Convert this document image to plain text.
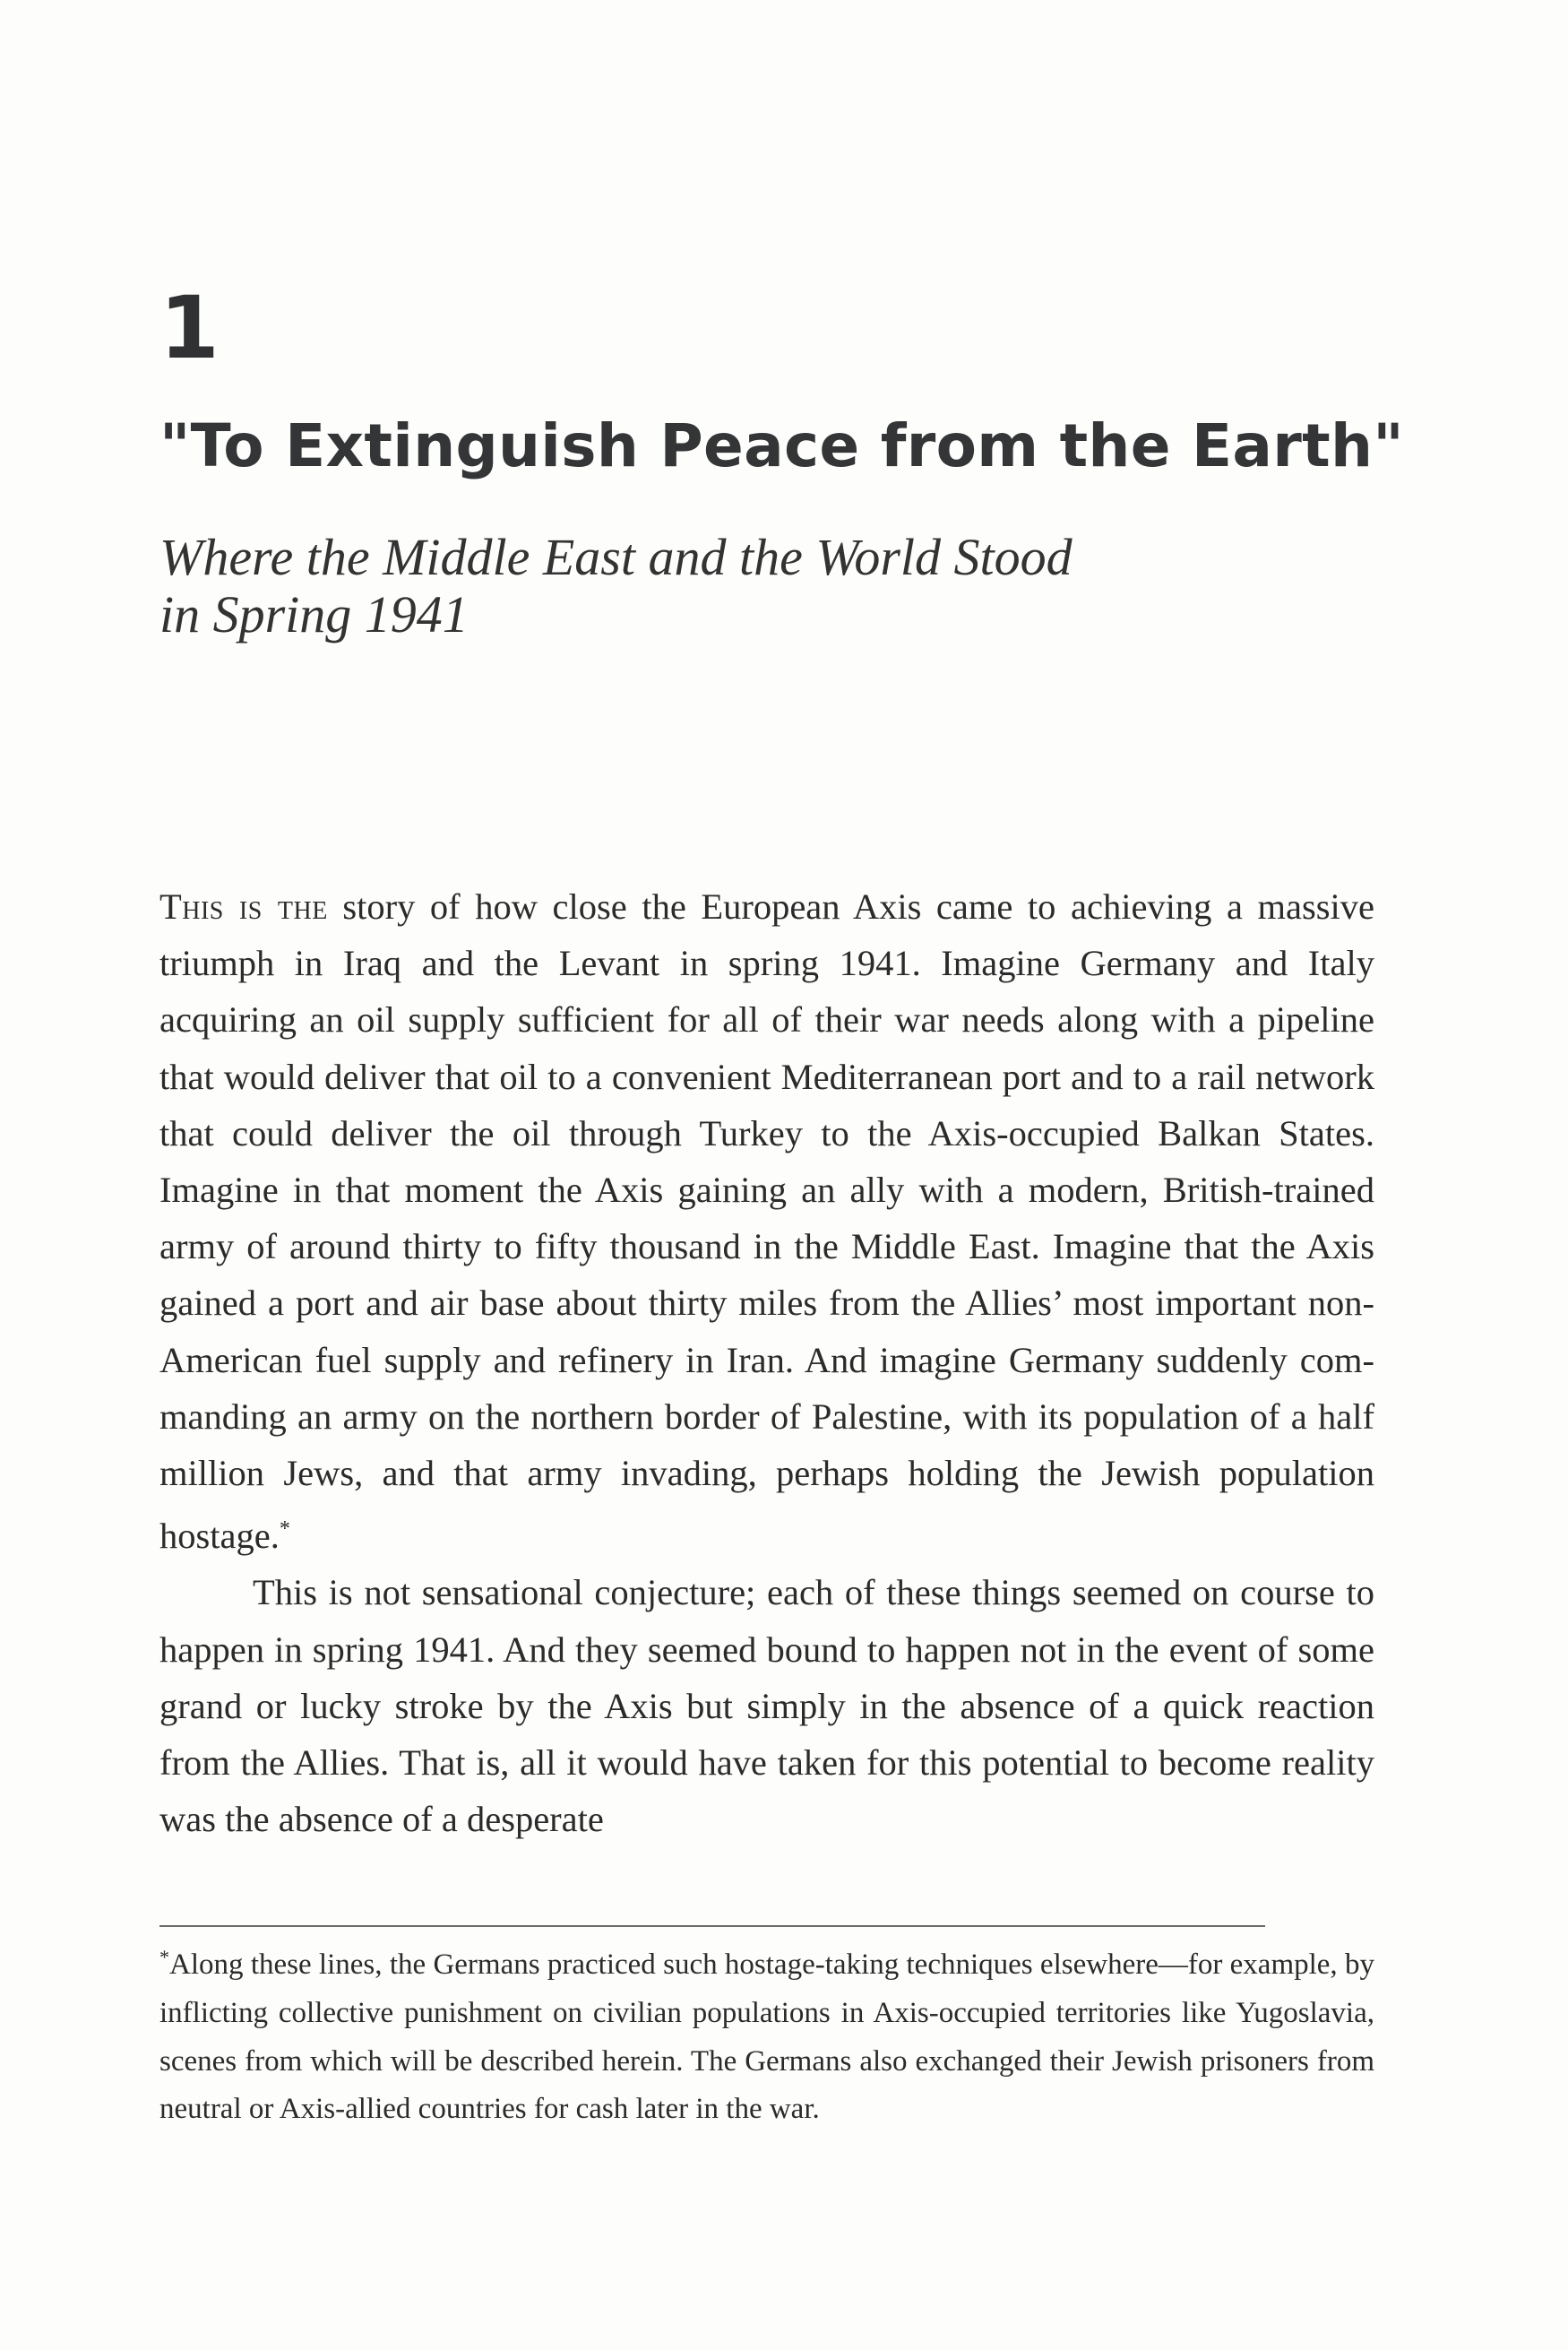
1
"To Extinguish Peace from the Earth"
Where the Middle East and the World Stood
in Spring 1941

This is the story of how close the European Axis came to achieving a massive triumph in Iraq and the Levant in spring 1941. Imagine Germany and Italy acquiring an oil supply sufficient for all of their war needs along with a pipeline that would deliver that oil to a convenient Mediterranean port and to a rail network that could deliver the oil through Turkey to the Axis-occupied Balkan States. Imagine in that moment the Axis gaining an ally with a modern, British-trained army of around thirty to fifty thousand in the Middle East. Imagine that the Axis gained a port and air base about thirty miles from the Allies’ most important non-American fuel supply and refinery in Iran. And imagine Germany suddenly commanding an army on the northern border of Palestine, with its population of a half million Jews, and that army invading, perhaps holding the Jewish population hostage.*

This is not sensational conjecture; each of these things seemed on course to happen in spring 1941. And they seemed bound to happen not in the event of some grand or lucky stroke by the Axis but simply in the absence of a quick reaction from the Allies. That is, all it would have taken for this potential to become reality was the absence of a desperate

*Along these lines, the Germans practiced such hostage-taking techniques elsewhere—for example, by inflicting collective punishment on civilian populations in Axis-occupied territories like Yugoslavia, scenes from which will be described herein. The Germans also exchanged their Jewish prisoners from neutral or Axis-allied countries for cash later in the war.
